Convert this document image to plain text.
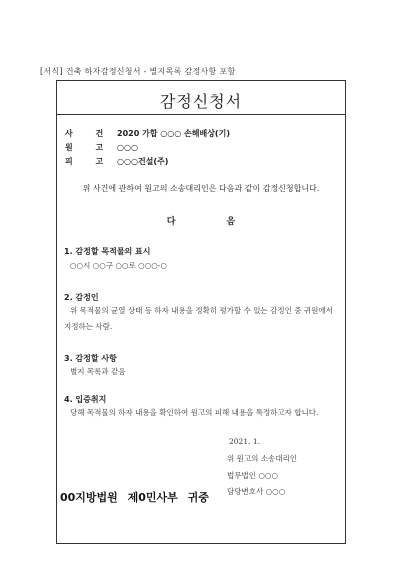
[서식] 건축 하자감정신청서 - 별지목록 감정사항 포함
감정신청서
사 건 2020 가합 ○○○ 손해배상(기)
원 고 ○○○
피 고 ○○○건설(주)
위 사건에 관하여 원고의 소송대리인은 다음과 같이 감정신청합니다.
다 음
1. 감정할 목적물의 표시
○○시 ○○구 ○○로 ○○○-○
2. 감정인
위 목적물의 균열 상태 등 하자 내용을 정확히 평가할 수 있는 감정인 중 귀원에서 지정하는 사람.
3. 감정할 사항
별지 목록과 같음
4. 입증취지
당해 목적물의 하자 내용을 확인하여 원고의 피해 내용을 특정하고자 합니다.
2021. 1.
위 원고의 소송대리인
법무법인 ○○○
담당변호사 ○○○
00지방법원 제0민사부 귀중
